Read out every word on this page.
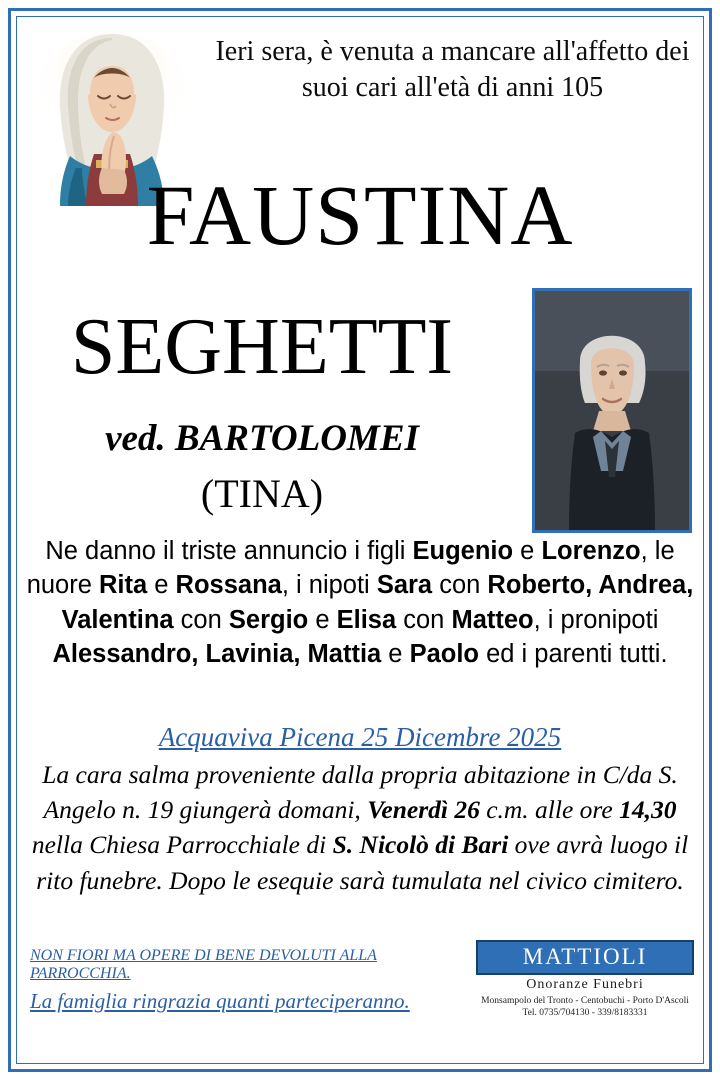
Ieri sera, è venuta a mancare all'affetto dei suoi cari all'età di anni 105
FAUSTINA
SEGHETTI
ved. BARTOLOMEI
(TINA)
Ne danno il triste annuncio i figli Eugenio e Lorenzo, le nuore Rita e Rossana, i nipoti Sara con Roberto, Andrea, Valentina con Sergio e Elisa con Matteo, i pronipoti Alessandro, Lavinia, Mattia e Paolo ed i parenti tutti.
Acquaviva Picena 25 Dicembre 2025
La cara salma proveniente dalla propria abitazione in C/da S. Angelo n. 19 giungerà domani, Venerdì 26 c.m. alle ore 14,30 nella Chiesa Parrocchiale di S. Nicolò di Bari ove avrà luogo il rito funebre. Dopo le esequie sarà tumulata nel civico cimitero.
NON FIORI MA OPERE DI BENE DEVOLUTI ALLA PARROCCHIA.
La famiglia ringrazia quanti parteciperanno.
MATTIOLI
Onoranze Funebri
Monsampolo del Tronto - Centobuchi - Porto D'Ascoli
Tel. 0735/704130 - 339/8183331
